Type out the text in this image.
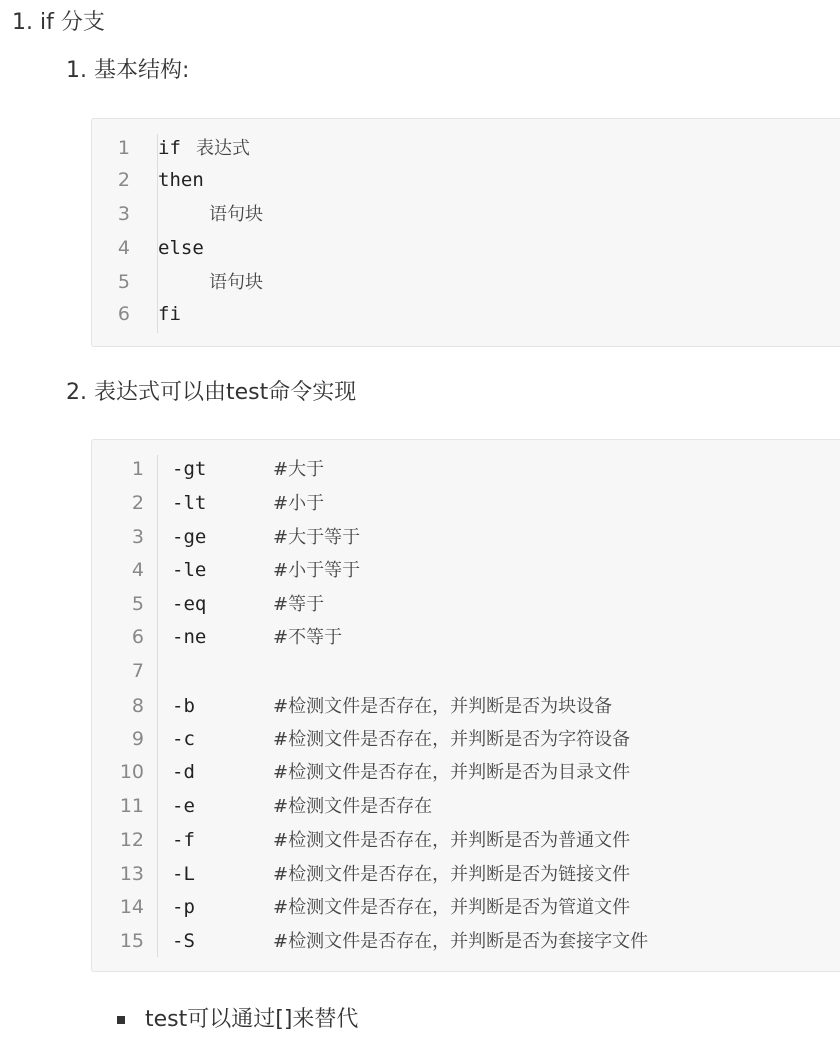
1. if 分支
1. 基本结构:
1 if 表达式
2 then
3	语句块
4 else
5	语句块
6 fi
2. 表达式可以由test命令实现
1 -gt	#大于
2 -lt	#小于
3 -ge	#大于等于
4 -le	#小于等于
5 -eq	#等于
6 -ne	#不等于
7
8 -b	#检测文件是否存在，并判断是否为块设备
9 -c	#检测文件是否存在，并判断是否为字符设备
10 -d	#检测文件是否存在，并判断是否为目录文件
11 -e	#检测文件是否存在
12 -f	#检测文件是否存在，并判断是否为普通文件
13 -L	#检测文件是否存在，并判断是否为链接文件
14 -p	#检测文件是否存在，并判断是否为管道文件
15 -S	#检测文件是否存在，并判断是否为套接字文件
test可以通过[]来替代
